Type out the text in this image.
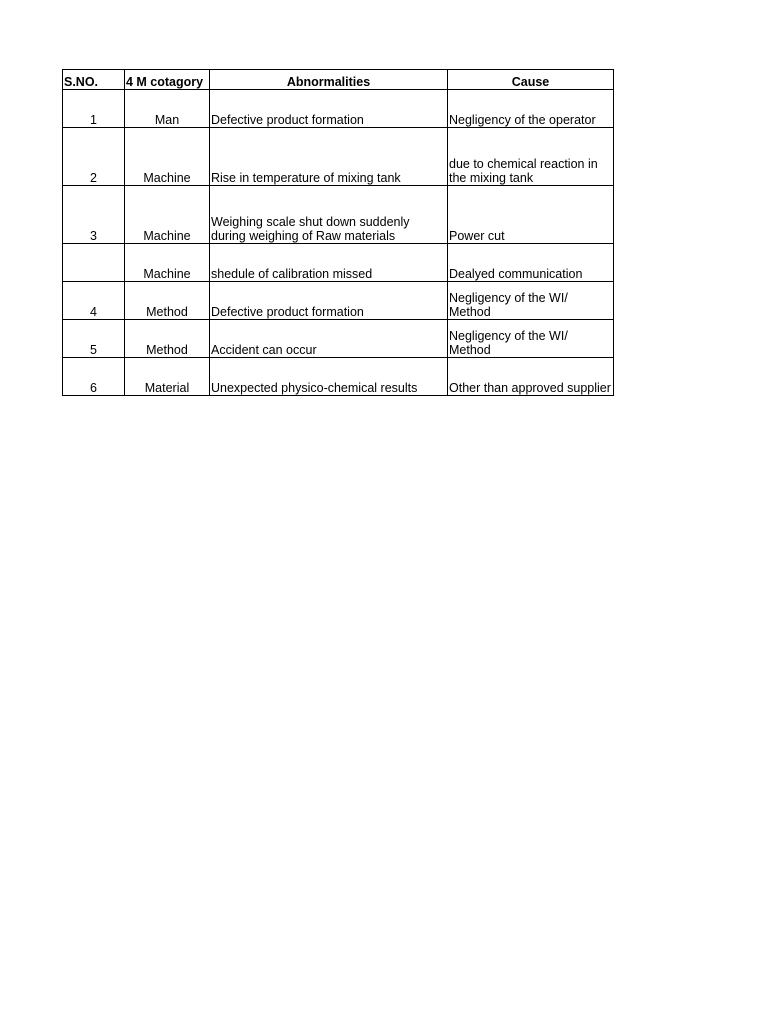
S.NO.	4 M cotagory	Abnormalities	Cause
1	Man	Defective product formation	Negligency of the operator
2	Machine	Rise in temperature of mixing tank	due to chemical reaction in the mixing tank
3	Machine	Weighing scale shut down suddenly during weighing of Raw materials	Power cut
	Machine	shedule of calibration missed	Dealyed communication
4	Method	Defective product formation	Negligency of the WI/ Method
5	Method	Accident can occur	Negligency of the WI/ Method
6	Material	Unexpected physico-chemical results	Other than approved supplier
